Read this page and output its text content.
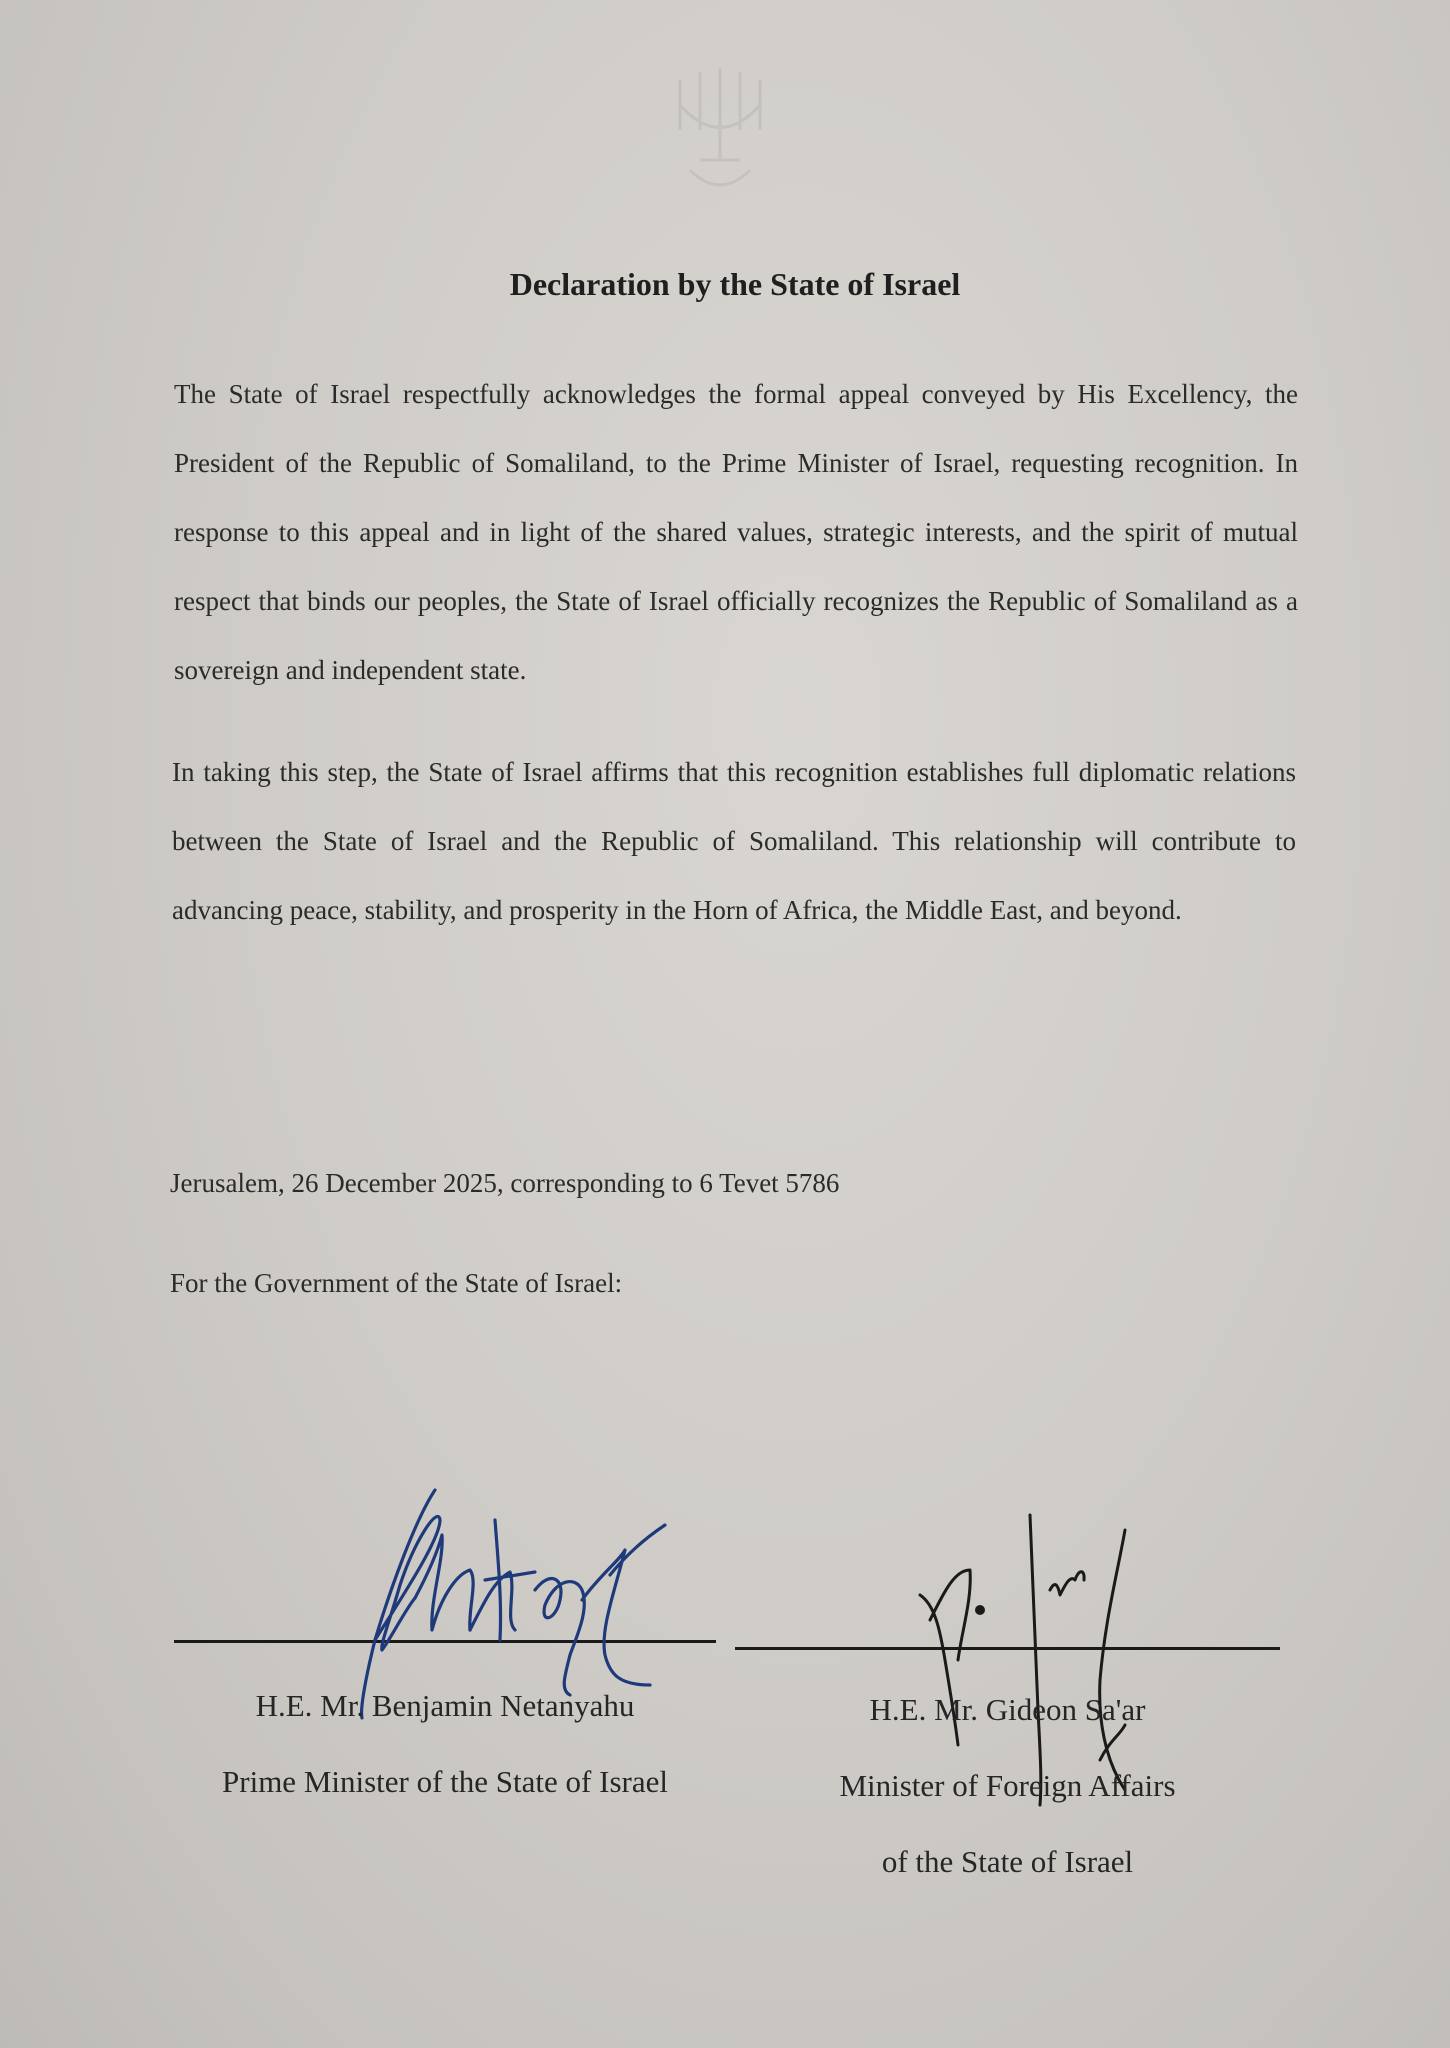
Declaration by the State of Israel

The State of Israel respectfully acknowledges the formal appeal conveyed by His Excellency, the President of the Republic of Somaliland, to the Prime Minister of Israel, requesting recognition. In response to this appeal and in light of the shared values, strategic interests, and the spirit of mutual respect that binds our peoples, the State of Israel officially recognizes the Republic of Somaliland as a sovereign and independent state.

In taking this step, the State of Israel affirms that this recognition establishes full diplomatic relations between the State of Israel and the Republic of Somaliland. This relationship will contribute to advancing peace, stability, and prosperity in the Horn of Africa, the Middle East, and beyond.

Jerusalem, 26 December 2025, corresponding to 6 Tevet 5786
For the Government of the State of Israel:
H.E. Mr. Benjamin Netanyahu
Prime Minister of the State of Israel
H.E. Mr. Gideon Sa'ar
Minister of Foreign Affairs
of the State of Israel
